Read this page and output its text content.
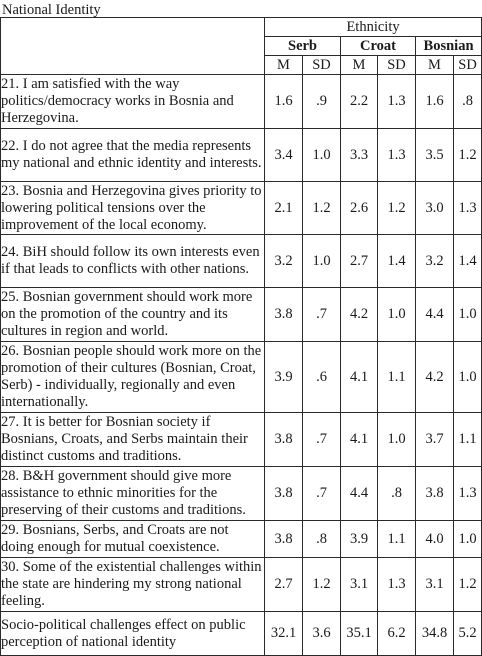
National Identity
	Ethnicity					
	Serb		Croat		Bosnian	
	M	SD	M	SD	M	SD
21. I am satisfied with the way politics/democracy works in Bosnia and Herzegovina.	1.6	.9	2.2	1.3	1.6	.8
22. I do not agree that the media represents my national and ethnic identity and interests.	3.4	1.0	3.3	1.3	3.5	1.2
23. Bosnia and Herzegovina gives priority to lowering political tensions over the improvement of the local economy.	2.1	1.2	2.6	1.2	3.0	1.3
24. BiH should follow its own interests even if that leads to conflicts with other nations.	3.2	1.0	2.7	1.4	3.2	1.4
25. Bosnian government should work more on the promotion of the country and its cultures in region and world.	3.8	.7	4.2	1.0	4.4	1.0
26. Bosnian people should work more on the promotion of their cultures (Bosnian, Croat, Serb) - individually, regionally and even internationally.	3.9	.6	4.1	1.1	4.2	1.0
27. It is better for Bosnian society if Bosnians, Croats, and Serbs maintain their distinct customs and traditions.	3.8	.7	4.1	1.0	3.7	1.1
28. B&H government should give more assistance to ethnic minorities for the preserving of their customs and traditions.	3.8	.7	4.4	.8	3.8	1.3
29. Bosnians, Serbs, and Croats are not doing enough for mutual coexistence.	3.8	.8	3.9	1.1	4.0	1.0
30. Some of the existential challenges within the state are hindering my strong national feeling.	2.7	1.2	3.1	1.3	3.1	1.2
Socio-political challenges effect on public perception of national identity	32.1	3.6	35.1	6.2	34.8	5.2
